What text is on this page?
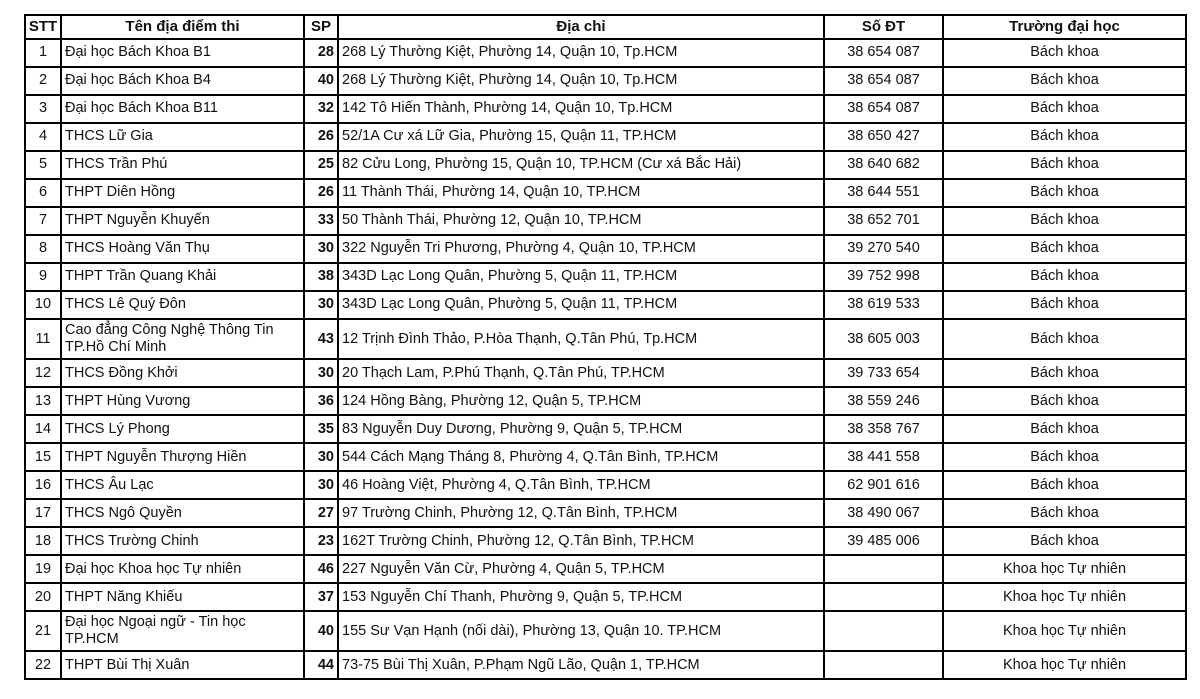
STT	Tên địa điểm thi	SP	Địa chỉ	Số ĐT	Trường đại học
1	Đại học Bách Khoa B1	28	268 Lý Thường Kiệt, Phường 14, Quận 10, Tp.HCM	38 654 087	Bách khoa
2	Đại học Bách Khoa B4	40	268 Lý Thường Kiệt, Phường 14, Quận 10, Tp.HCM	38 654 087	Bách khoa
3	Đại học Bách Khoa B11	32	142 Tô Hiến Thành, Phường 14, Quận 10, Tp.HCM	38 654 087	Bách khoa
4	THCS Lữ Gia	26	52/1A Cư xá Lữ Gia, Phường 15, Quận 11, TP.HCM	38 650 427	Bách khoa
5	THCS Trần Phú	25	82 Cửu Long, Phường 15, Quận 10, TP.HCM (Cư xá Bắc Hải)	38 640 682	Bách khoa
6	THPT Diên Hồng	26	11 Thành Thái, Phường 14, Quận 10, TP.HCM	38 644 551	Bách khoa
7	THPT Nguyễn Khuyến	33	50 Thành Thái, Phường 12, Quận 10, TP.HCM	38 652 701	Bách khoa
8	THCS Hoàng Văn Thụ	30	322 Nguyễn Tri Phương, Phường 4, Quận 10, TP.HCM	39 270 540	Bách khoa
9	THPT Trần Quang Khải	38	343D Lạc Long Quân, Phường 5, Quận 11, TP.HCM	39 752 998	Bách khoa
10	THCS Lê Quý Đôn	30	343D Lạc Long Quân, Phường 5, Quận 11, TP.HCM	38 619 533	Bách khoa
11	Cao đẳng Công Nghệ Thông Tin TP.Hồ Chí Minh	43	12 Trịnh Đình Thảo, P.Hòa Thạnh, Q.Tân Phú, Tp.HCM	38 605 003	Bách khoa
12	THCS Đồng Khởi	30	20 Thạch Lam, P.Phú Thạnh, Q.Tân Phú, TP.HCM	39 733 654	Bách khoa
13	THPT Hùng Vương	36	124 Hồng Bàng, Phường 12, Quận 5, TP.HCM	38 559 246	Bách khoa
14	THCS Lý Phong	35	83 Nguyễn Duy Dương, Phường 9, Quận 5, TP.HCM	38 358 767	Bách khoa
15	THPT Nguyễn Thượng Hiền	30	544 Cách Mạng Tháng 8, Phường 4, Q.Tân Bình, TP.HCM	38 441 558	Bách khoa
16	THCS Âu Lạc	30	46 Hoàng Việt, Phường 4, Q.Tân Bình, TP.HCM	62 901 616	Bách khoa
17	THCS Ngô Quyền	27	97 Trường Chinh, Phường 12, Q.Tân Bình, TP.HCM	38 490 067	Bách khoa
18	THCS Trường Chinh	23	162T Trường Chinh, Phường 12, Q.Tân Bình, TP.HCM	39 485 006	Bách khoa
19	Đại học Khoa học Tự nhiên	46	227 Nguyễn Văn Cừ, Phường 4, Quận 5, TP.HCM		Khoa học Tự nhiên
20	THPT Năng Khiếu	37	153 Nguyễn Chí Thanh, Phường 9, Quận 5, TP.HCM		Khoa học Tự nhiên
21	Đại học Ngoại ngữ - Tin học TP.HCM	40	155 Sư Vạn Hạnh (nối dài), Phường 13, Quận 10. TP.HCM		Khoa học Tự nhiên
22	THPT Bùi Thị Xuân	44	73-75 Bùi Thị Xuân, P.Phạm Ngũ Lão, Quận 1, TP.HCM		Khoa học Tự nhiên
